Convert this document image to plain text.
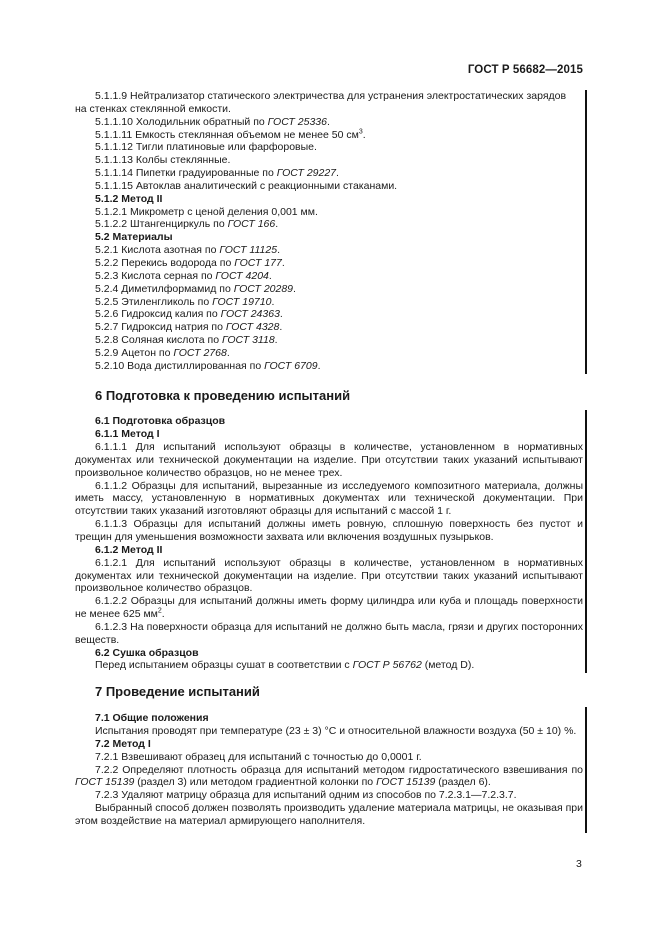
ГОСТ Р 56682—2015
5.1.1.9 Нейтрализатор статического электричества для устранения электростатических зарядов
на стенках стеклянной емкости.
5.1.1.10 Холодильник обратный по ГОСТ 25336.
5.1.1.11 Емкость стеклянная объемом не менее 50 $см^3$.
5.1.1.12 Тигли платиновые или фарфоровые.
5.1.1.13 Колбы стеклянные.
5.1.1.14 Пипетки градуированные по ГОСТ 29227.
5.1.1.15 Автоклав аналитический с реакционными стаканами.
5.1.2 Метод II
5.1.2.1 Микрометр с ценой деления 0,001 мм.
5.1.2.2 Штангенциркуль по ГОСТ 166.
5.2 Материалы
5.2.1 Кислота азотная по ГОСТ 11125.
5.2.2 Перекись водорода по ГОСТ 177.
5.2.3 Кислота серная по ГОСТ 4204.
5.2.4 Диметилформамид по ГОСТ 20289.
5.2.5 Этиленгликоль по ГОСТ 19710.
5.2.6 Гидроксид калия по ГОСТ 24363.
5.2.7 Гидроксид натрия по ГОСТ 4328.
5.2.8 Соляная кислота по ГОСТ 3118.
5.2.9 Ацетон по ГОСТ 2768.
5.2.10 Вода дистиллированная по ГОСТ 6709.
6 Подготовка к проведению испытаний
6.1 Подготовка образцов
6.1.1 Метод I

6.1.1.1 Для испытаний используют образцы в количестве, установленном в нормативных документах или технической документации на изделие. При отсутствии таких указаний испытывают произвольное количество образцов, но не менее трех.

6.1.1.2 Образцы для испытаний, вырезанные из исследуемого композитного материала, должны иметь массу, установленную в нормативных документах или технической документации. При отсутствии таких указаний изготовляют образцы для испытаний с массой 1 г.

6.1.1.3 Образцы для испытаний должны иметь ровную, сплошную поверхность без пустот и трещин для уменьшения возможности захвата или включения воздушных пузырьков.

6.1.2 Метод II

6.1.2.1 Для испытаний используют образцы в количестве, установленном в нормативных документах или технической документации на изделие. При отсутствии таких указаний испытывают произвольное количество образцов.

6.1.2.2 Образцы для испытаний должны иметь форму цилиндра или куба и площадь поверхности не менее 625 $мм^2$.

6.1.2.3 На поверхности образца для испытаний не должно быть масла, грязи и других посторонних веществ.

6.2 Сушка образцов
Перед испытанием образцы сушат в соответствии с ГОСТ Р 56762 (метод D).
7 Проведение испытаний
7.1 Общие положения

Испытания проводят при температуре (23 ± 3) °С и относительной влажности воздуха (50 ± 10) %.

7.2 Метод I
7.2.1 Взвешивают образец для испытаний с точностью до 0,0001 г.

7.2.2 Определяют плотность образца для испытаний методом гидростатического взвешивания по ГОСТ 15139 (раздел 3) или методом градиентной колонки по ГОСТ 15139 (раздел 6).

7.2.3 Удаляют матрицу образца для испытаний одним из способов по 7.2.3.1—7.2.3.7.

Выбранный способ должен позволять производить удаление материала матрицы, не оказывая при этом воздействие на материал армирующего наполнителя.

3
